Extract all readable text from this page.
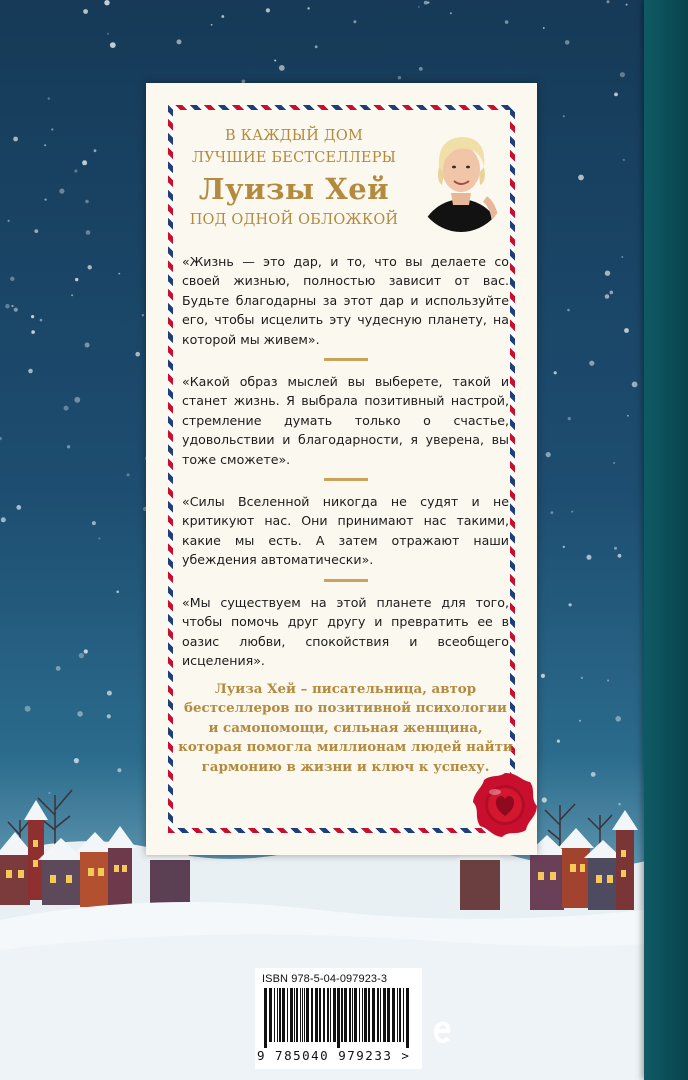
В КАЖДЫЙ ДОМ
ЛУЧШИЕ БЕСТСЕЛЛЕРЫ
Луизы Хей
ПОД ОДНОЙ ОБЛОЖКОЙ

«Жизнь — это дар, и то, что вы делаете со своей жизнью, полностью зависит от вас. Будьте благодарны за этот дар и используйте его, чтобы исцелить эту чудесную планету, на которой мы живем».

«Какой образ мыслей вы выберете, такой и станет жизнь. Я выбрала позитивный настрой, стремление думать только о счастье, удовольствии и благодарности, я уверена, вы тоже сможете».

«Силы Вселенной никогда не судят и не критикуют нас. Они принимают нас такими, какие мы есть. А затем отражают наши убеждения автоматически».

«Мы существуем на этой планете для того, чтобы помочь друг другу и превратить ее в оазис любви, спокойствия и всеобщего исцеления».

Луиза Хей – писательница, автор бестселлеров по позитивной психологии и самопомощи, сильная женщина, которая помогла миллионам людей найти гармонию в жизни и ключ к успеху.
ISBN 978-5-04-097923-3
9 785040 979233 >
